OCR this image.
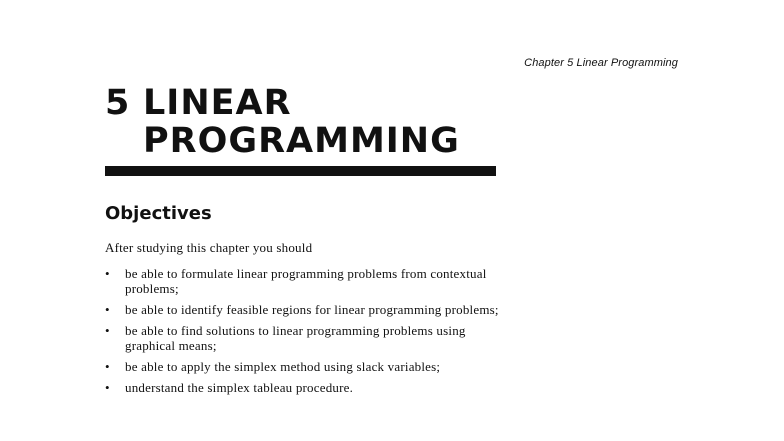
Chapter 5 Linear Programming

5 LINEAR
PROGRAMMING
Objectives

After studying this chapter you should

• be able to formulate linear programming problems from contextual problems;
• be able to identify feasible regions for linear programming problems;
• be able to find solutions to linear programming problems using graphical means;
• be able to apply the simplex method using slack variables;
• understand the simplex tableau procedure.
